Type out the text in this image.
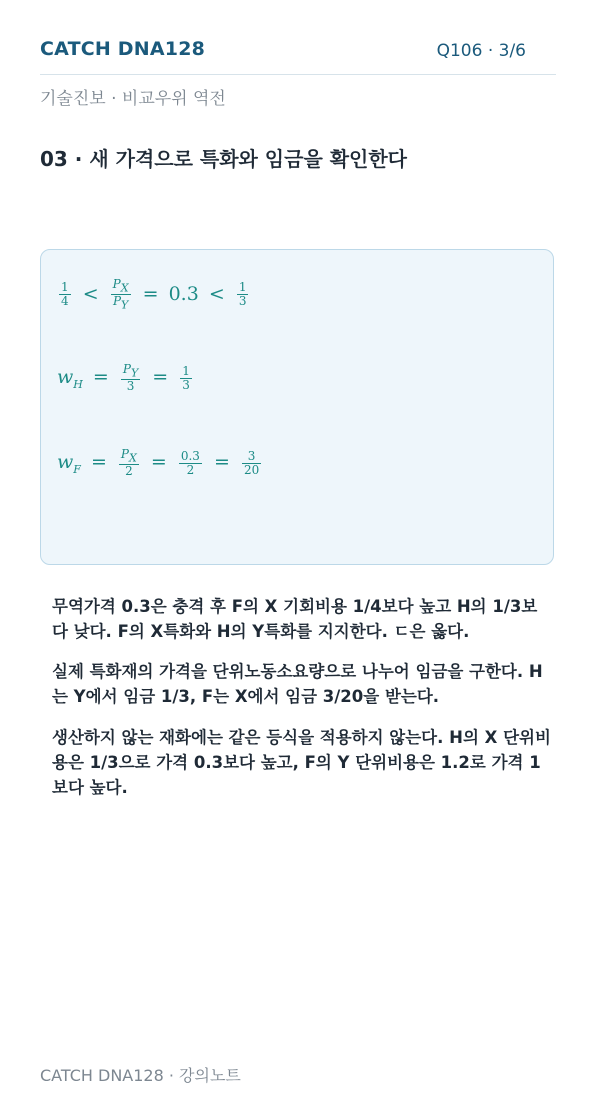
CATCH DNA128	Q106 · 3/6
기술진보 · 비교우위 역전
03 · 새 가격으로 특화와 임금을 확인한다
$\frac{1}{4} < \frac{P_X}{P_Y} = 0.3 < \frac{1}{3}$
$w_H = \frac{P_Y}{3} = \frac{1}{3}$
$w_F = \frac{P_X}{2} = \frac{0.3}{2} = \frac{3}{20}$

무역가격 0.3은 충격 후 F의 X 기회비용 1/4보다 높고 H의 1/3보다 낮다. F의 X특화와 H의 Y특화를 지지한다. ㄷ은 옳다.

실제 특화재의 가격을 단위노동소요량으로 나누어 임금을 구한다. H는 Y에서 임금 1/3, F는 X에서 임금 3/20을 받는다.

생산하지 않는 재화에는 같은 등식을 적용하지 않는다. H의 X 단위비용은 1/3으로 가격 0.3보다 높고, F의 Y 단위비용은 1.2로 가격 1보다 높다.

CATCH DNA128 · 강의노트
